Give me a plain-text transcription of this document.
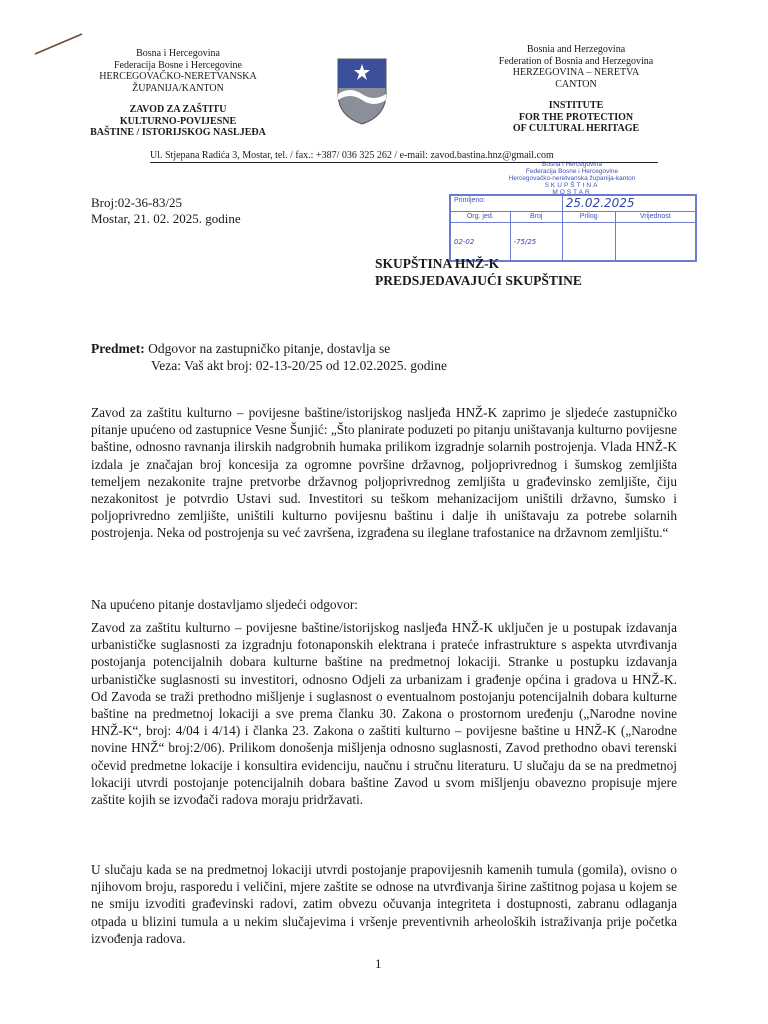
Bosna i Hercegovina
Federacija Bosne i Hercegovine
HERCEGOVAČKO-NERETVANSKA
ŽUPANIJA/KANTON
ZAVOD ZA ZAŠTITU
KULTURNO-POVIJESNE
BAŠTINE / ISTORIJSKOG NASLJEĐA
Bosnia and Herzegovina
Federation of Bosnia and Herzegovina
HERZEGOVINA – NERETVA
CANTON
INSTITUTE
FOR THE PROTECTION
OF CULTURAL HERITAGE
Ul. Stjepana Radića 3, Mostar, tel. / fax.: +387/ 036 325 262 / e-mail: zavod.bastina.hnz@gmail.com
Bosna i Hercegovina
Federacija Bosne i Hercegovine
Hercegovačko-neretvanska županija-kanton
SKUPŠTINA
MOSTAR
Broj:02-36-83/25
Mostar, 21. 02. 2025. godine
Primljeno:		25.02.2025	
Org. jed.	Broj	Prilog	Vrijednost
02-02	-75/25		
SKUPŠTINA HNŽ-K
PREDSJEDAVAJUĆI SKUPŠTINE
Predmet: Odgovor na zastupničko pitanje, dostavlja se
Veza: Vaš akt broj: 02-13-20/25 od 12.02.2025. godine
Zavod za zaštitu kulturno – povijesne baštine/istorijskog nasljeđa HNŽ-K zaprimo je sljedeće zastupničko pitanje upućeno od zastupnice Vesne Šunjić: „Što planirate poduzeti po pitanju uništavanja kulturno povijesne baštine, odnosno ravnanja ilirskih nadgrobnih humaka prilikom izgradnje solarnih postrojenja. Vlada HNŽ-K izdala je značajan broj koncesija za ogromne površine državnog, poljoprivrednog i šumskog zemljišta temeljem nezakonite trajne pretvorbe državnog poljoprivrednog zemljišta u građevinsko zemljište, čiju nezakonitost je potvrdio Ustavi sud. Investitori su teškom mehanizacijom uništili državno, šumsko i poljoprivredno zemljište, uništili kulturno povijesnu baštinu i dalje ih uništavaju za potrebe solarnih postrojenja. Neka od postrojenja su već završena, izgrađena su ileglane trafostanice na državnom zemljištu.“
Na upućeno pitanje dostavljamo sljedeći odgovor:
Zavod za zaštitu kulturno – povijesne baštine/istorijskog nasljeđa HNŽ-K uključen je u postupak izdavanja urbanističke suglasnosti za izgradnju fotonaponskih elektrana i prateće infrastrukture s aspekta utvrđivanja postojanja potencijalnih dobara kulturne baštine na predmetnoj lokaciji. Stranke u postupku izdavanja urbanističke suglasnosti su investitori, odnosno Odjeli za urbanizam i građenje općina i gradova u HNŽ-K. Od Zavoda se traži prethodno mišljenje i suglasnost o eventualnom postojanju potencijalnih dobara kulturne baštine na predmetnoj lokaciji a sve prema članku 30. Zakona o prostornom uređenju („Narodne novine HNŽ-K“, broj: 4/04 i 4/14) i članka 23. Zakona o zaštiti kulturno – povijesne baštine u HNŽ-K („Narodne novine HNŽ“ broj:2/06). Prilikom donošenja mišljenja odnosno suglasnosti, Zavod prethodno obavi terenski očevid predmetne lokacije i konsultira evidenciju, naučnu i stručnu literaturu. U slučaju da se na predmetnoj lokaciji utvrdi postojanje potencijalnih dobara baštine Zavod u svom mišljenju obavezno propisuje mjere zaštite kojih se izvođači radova moraju pridržavati.
U slučaju kada se na predmetnoj lokaciji utvrdi postojanje prapovijesnih kamenih tumula (gomila), ovisno o njihovom broju, rasporedu i veličini, mjere zaštite se odnose na utvrđivanja širine zaštitnog pojasa u kojem se ne smiju izvoditi građevinski radovi, zatim obvezu očuvanja integriteta i dostupnosti, zabranu odlaganja otpada u blizini tumula a u nekim slučajevima i vršenje preventivnih arheoloških istraživanja prije početka izvođenja radova.
1
